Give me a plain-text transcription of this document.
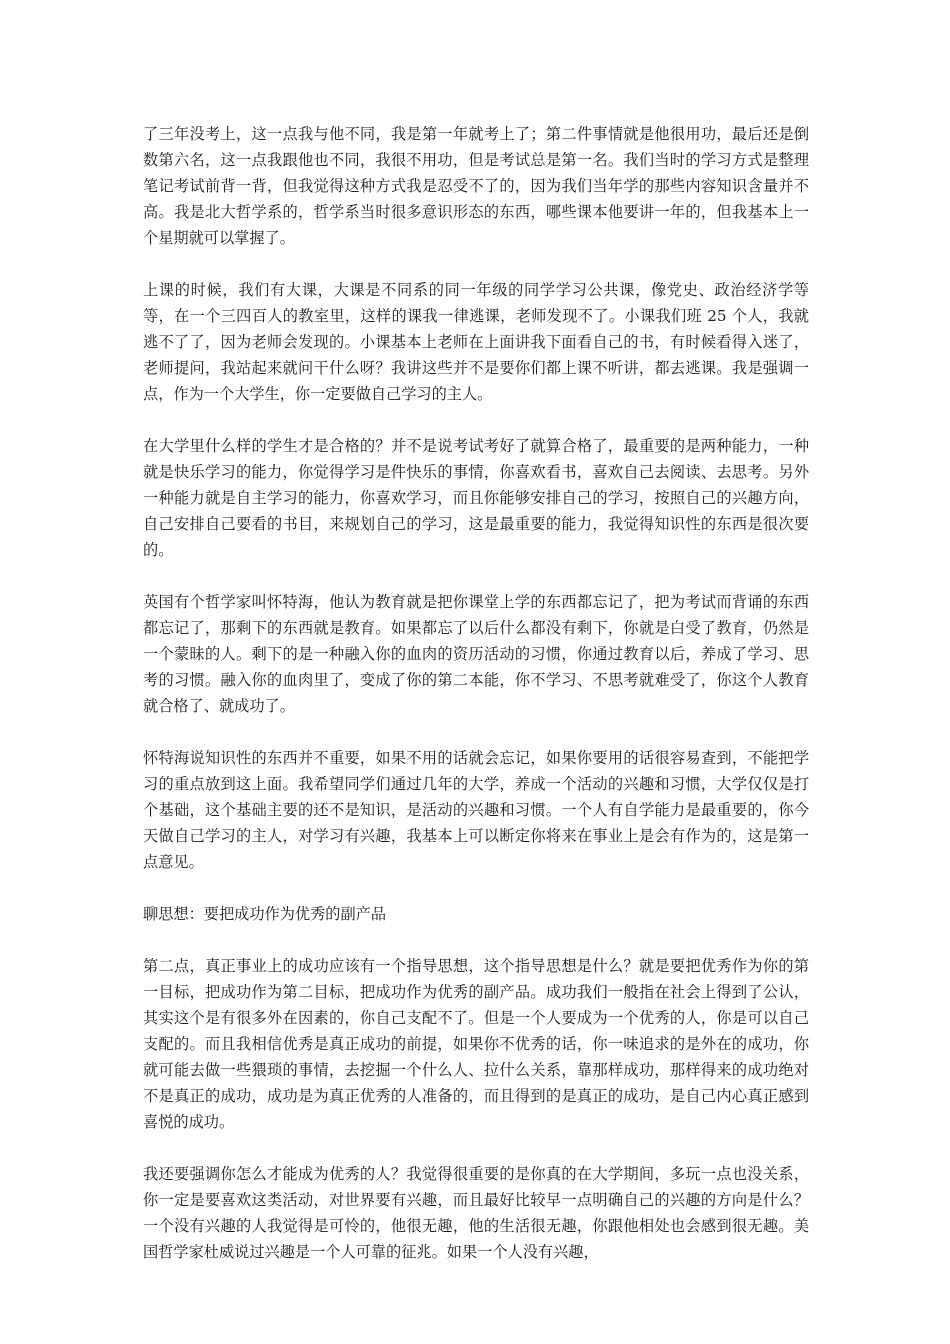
了三年没考上，这一点我与他不同，我是第一年就考上了；第二件事情就是他很用功，最后还是倒数第六名，这一点我跟他也不同，我很不用功，但是考试总是第一名。我们当时的学习方式是整理笔记考试前背一背，但我觉得这种方式我是忍受不了的，因为我们当年学的那些内容知识含量并不高。我是北大哲学系的，哲学系当时很多意识形态的东西，哪些课本他要讲一年的，但我基本上一个星期就可以掌握了。

上课的时候，我们有大课，大课是不同系的同一年级的同学学习公共课，像党史、政治经济学等等，在一个三四百人的教室里，这样的课我一律逃课，老师发现不了。小课我们班 25 个人，我就逃不了了，因为老师会发现的。小课基本上老师在上面讲我下面看自己的书，有时候看得入迷了，老师提问，我站起来就问干什么呀？我讲这些并不是要你们都上课不听讲，都去逃课。我是强调一点，作为一个大学生，你一定要做自己学习的主人。

在大学里什么样的学生才是合格的？并不是说考试考好了就算合格了，最重要的是两种能力，一种就是快乐学习的能力，你觉得学习是件快乐的事情，你喜欢看书，喜欢自己去阅读、去思考。另外一种能力就是自主学习的能力，你喜欢学习，而且你能够安排自己的学习，按照自己的兴趣方向，自己安排自己要看的书目，来规划自己的学习，这是最重要的能力，我觉得知识性的东西是很次要的。

英国有个哲学家叫怀特海，他认为教育就是把你课堂上学的东西都忘记了，把为考试而背诵的东西都忘记了，那剩下的东西就是教育。如果都忘了以后什么都没有剩下，你就是白受了教育，仍然是一个蒙昧的人。剩下的是一种融入你的血肉的资历活动的习惯，你通过教育以后，养成了学习、思考的习惯。融入你的血肉里了，变成了你的第二本能，你不学习、不思考就难受了，你这个人教育就合格了、就成功了。

怀特海说知识性的东西并不重要，如果不用的话就会忘记，如果你要用的话很容易查到，不能把学习的重点放到这上面。我希望同学们通过几年的大学，养成一个活动的兴趣和习惯，大学仅仅是打个基础，这个基础主要的还不是知识，是活动的兴趣和习惯。一个人有自学能力是最重要的，你今天做自己学习的主人，对学习有兴趣，我基本上可以断定你将来在事业上是会有作为的，这是第一点意见。

聊思想：要把成功作为优秀的副产品

第二点，真正事业上的成功应该有一个指导思想，这个指导思想是什么？就是要把优秀作为你的第一目标，把成功作为第二目标，把成功作为优秀的副产品。成功我们一般指在社会上得到了公认，其实这个是有很多外在因素的，你自己支配不了。但是一个人要成为一个优秀的人，你是可以自己支配的。而且我相信优秀是真正成功的前提，如果你不优秀的话，你一味追求的是外在的成功，你就可能去做一些猥琐的事情，去挖掘一个什么人、拉什么关系，靠那样成功，那样得来的成功绝对不是真正的成功，成功是为真正优秀的人准备的，而且得到的是真正的成功，是自己内心真正感到喜悦的成功。

我还要强调你怎么才能成为优秀的人？我觉得很重要的是你真的在大学期间，多玩一点也没关系，你一定是要喜欢这类活动，对世界要有兴趣，而且最好比较早一点明确自己的兴趣的方向是什么？一个没有兴趣的人我觉得是可怜的，他很无趣，他的生活很无趣，你跟他相处也会感到很无趣。美国哲学家杜威说过兴趣是一个人可靠的征兆。如果一个人没有兴趣，
